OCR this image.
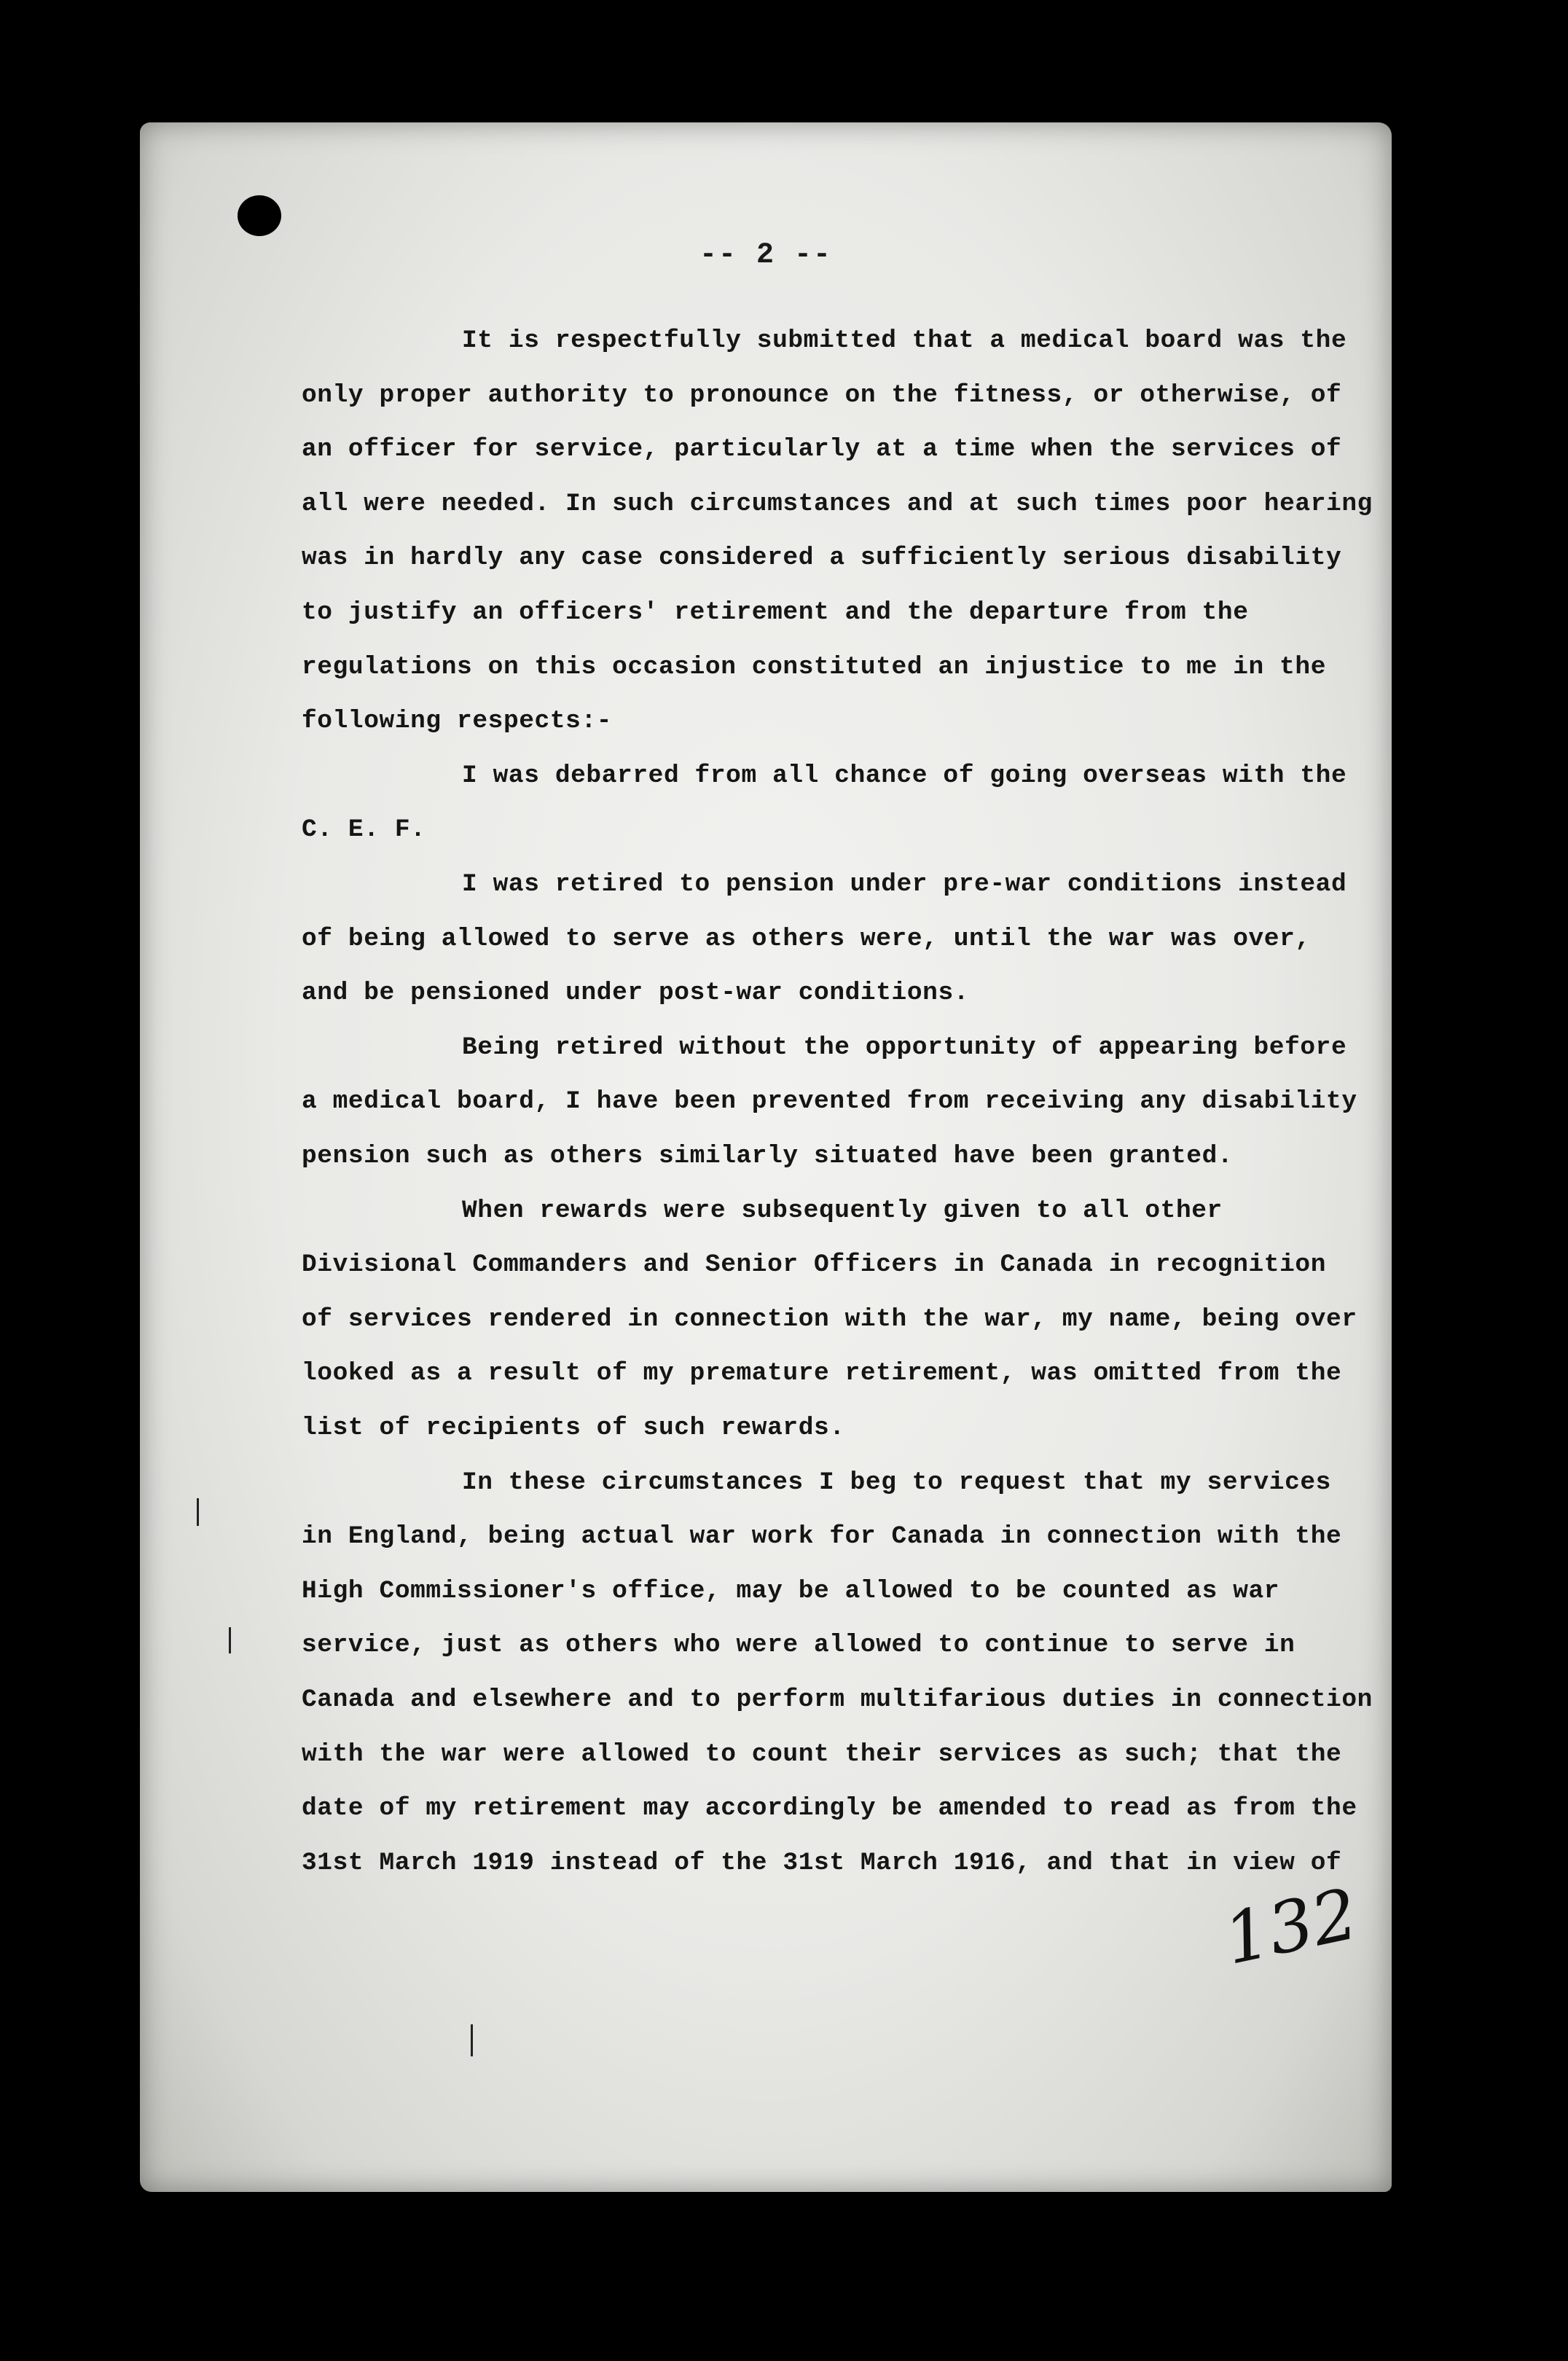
-- 2 --
It is respectfully submitted that a medical board was the
only proper authority to pronounce on the fitness, or otherwise, of
an officer for service, particularly at a time when the services of
all were needed. In such circumstances and at such times poor hearing
was in hardly any case considered a sufficiently serious disability
to justify an officers' retirement and the departure from the
regulations on this occasion constituted an injustice to me in the
following respects:-
I was debarred from all chance of going overseas with the
C. E. F.
I was retired to pension under pre-war conditions instead
of being allowed to serve as others were, until the war was over,
and be pensioned under post-war conditions.
Being retired without the opportunity of appearing before
a medical board, I have been prevented from receiving any disability
pension such as others similarly situated have been granted.
When rewards were subsequently given to all other
Divisional Commanders and Senior Officers in Canada in recognition
of services rendered in connection with the war, my name, being over
looked as a result of my premature retirement, was omitted from the
list of recipients of such rewards.
In these circumstances I beg to request that my services
in England, being actual war work for Canada in connection with the
High Commissioner's office, may be allowed to be counted as war
service, just as others who were allowed to continue to serve in
Canada and elsewhere and to perform multifarious duties in connection
with the war were allowed to count their services as such; that the
date of my retirement may accordingly be amended to read as from the
31st March 1919 instead of the 31st March 1916, and that in view of
132
